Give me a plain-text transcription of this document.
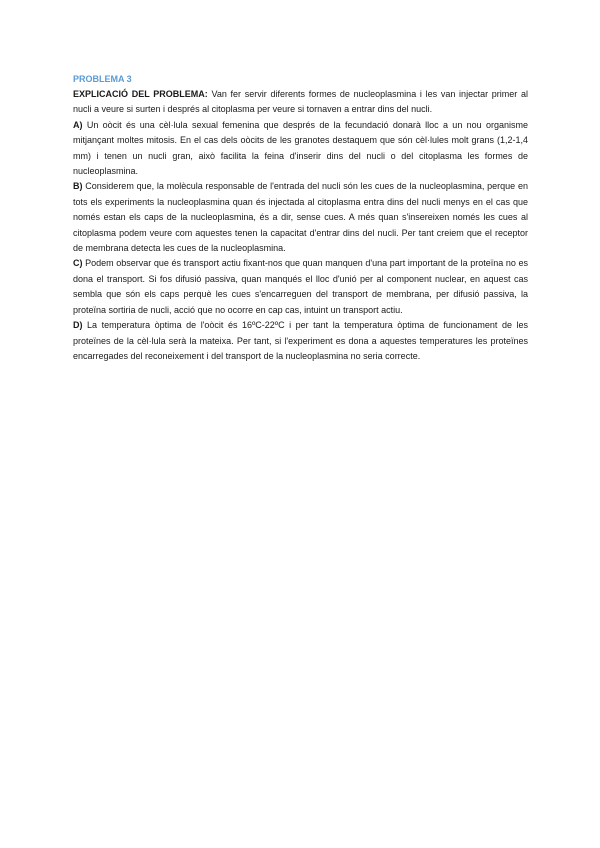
PROBLEMA 3

EXPLICACIÓ DEL PROBLEMA: Van fer servir diferents formes de nucleoplasmina i les van injectar primer al nucli a veure si surten i després al citoplasma per veure si tornaven a entrar dins del nucli.

A) Un oòcit és una cèl·lula sexual femenina que després de la fecundació donarà lloc a un nou organisme mitjançant moltes mitosis. En el cas dels oòcits de les granotes destaquem que són cèl·lules molt grans (1,2-1,4 mm) i tenen un nucli gran, això facilita la feina d'inserir dins del nucli o del citoplasma les formes de nucleoplasmina.

B) Considerem que, la molècula responsable de l'entrada del nucli són les cues de la nucleoplasmina, perque en tots els experiments la nucleoplasmina quan és injectada al citoplasma entra dins del nucli menys en el cas que només estan els caps de la nucleoplasmina, és a dir, sense cues. A més quan s'insereixen només les cues al citoplasma podem veure com aquestes tenen la capacitat d'entrar dins del nucli. Per tant creiem que el receptor de membrana detecta les cues de la nucleoplasmina.

C) Podem observar que és transport actiu fixant-nos que quan manquen d'una part important de la proteïna no es dona el transport. Si fos difusió passiva, quan manqués el lloc d'unió per al component nuclear, en aquest cas sembla que són els caps perquè les cues s'encarreguen del transport de membrana, per difusió passiva, la proteïna sortiria de nucli, acció que no ocorre en cap cas, intuint un transport actiu.

D) La temperatura òptima de l'oòcit és 16ºC-22ºC i per tant la temperatura òptima de funcionament de les proteïnes de la cèl·lula serà la mateixa. Per tant, si l'experiment es dona a aquestes temperatures les proteïnes encarregades del reconeixement i del transport de la nucleoplasmina no seria correcte.
